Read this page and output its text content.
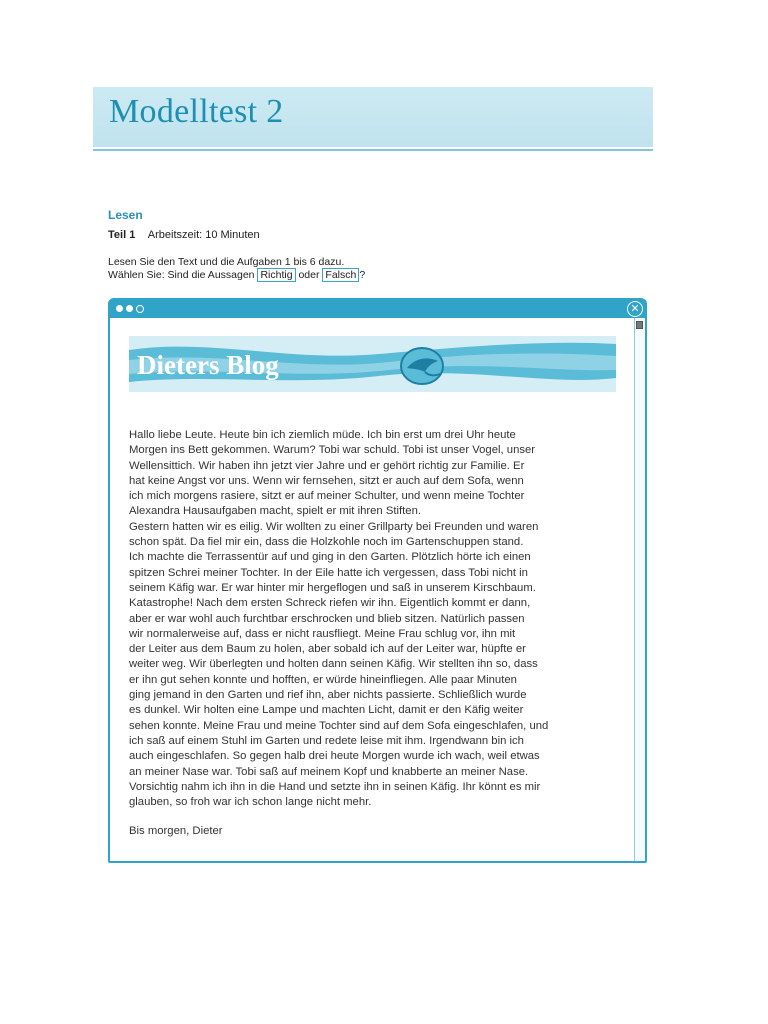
Modelltest 2
Lesen
Teil 1 Arbeitszeit: 10 Minuten
Lesen Sie den Text und die Aufgaben 1 bis 6 dazu.
Wählen Sie: Sind die Aussagen Richtig oder Falsch ?
✕
Dieters Blog

Hallo liebe Leute. Heute bin ich ziemlich müde. Ich bin erst um drei Uhr heute

Morgen ins Bett gekommen. Warum? Tobi war schuld. Tobi ist unser Vogel, unser

Wellensittich. Wir haben ihn jetzt vier Jahre und er gehört richtig zur Familie. Er

hat keine Angst vor uns. Wenn wir fernsehen, sitzt er auch auf dem Sofa, wenn

ich mich morgens rasiere, sitzt er auf meiner Schulter, und wenn meine Tochter

Alexandra Hausaufgaben macht, spielt er mit ihren Stiften.

Gestern hatten wir es eilig. Wir wollten zu einer Grillparty bei Freunden und waren

schon spät. Da fiel mir ein, dass die Holzkohle noch im Gartenschuppen stand.

Ich machte die Terrassentür auf und ging in den Garten. Plötzlich hörte ich einen

spitzen Schrei meiner Tochter. In der Eile hatte ich vergessen, dass Tobi nicht in

seinem Käfig war. Er war hinter mir hergeflogen und saß in unserem Kirschbaum.

Katastrophe! Nach dem ersten Schreck riefen wir ihn. Eigentlich kommt er dann,

aber er war wohl auch furchtbar erschrocken und blieb sitzen. Natürlich passen

wir normalerweise auf, dass er nicht rausfliegt. Meine Frau schlug vor, ihn mit

der Leiter aus dem Baum zu holen, aber sobald ich auf der Leiter war, hüpfte er

weiter weg. Wir überlegten und holten dann seinen Käfig. Wir stellten ihn so, dass

er ihn gut sehen konnte und hofften, er würde hineinfliegen. Alle paar Minuten

ging jemand in den Garten und rief ihn, aber nichts passierte. Schließlich wurde

es dunkel. Wir holten eine Lampe und machten Licht, damit er den Käfig weiter

sehen konnte. Meine Frau und meine Tochter sind auf dem Sofa eingeschlafen, und

ich saß auf einem Stuhl im Garten und redete leise mit ihm. Irgendwann bin ich

auch eingeschlafen. So gegen halb drei heute Morgen wurde ich wach, weil etwas

an meiner Nase war. Tobi saß auf meinem Kopf und knabberte an meiner Nase.

Vorsichtig nahm ich ihn in die Hand und setzte ihn in seinen Käfig. Ihr könnt es mir

glauben, so froh war ich schon lange nicht mehr.

Bis morgen, Dieter
